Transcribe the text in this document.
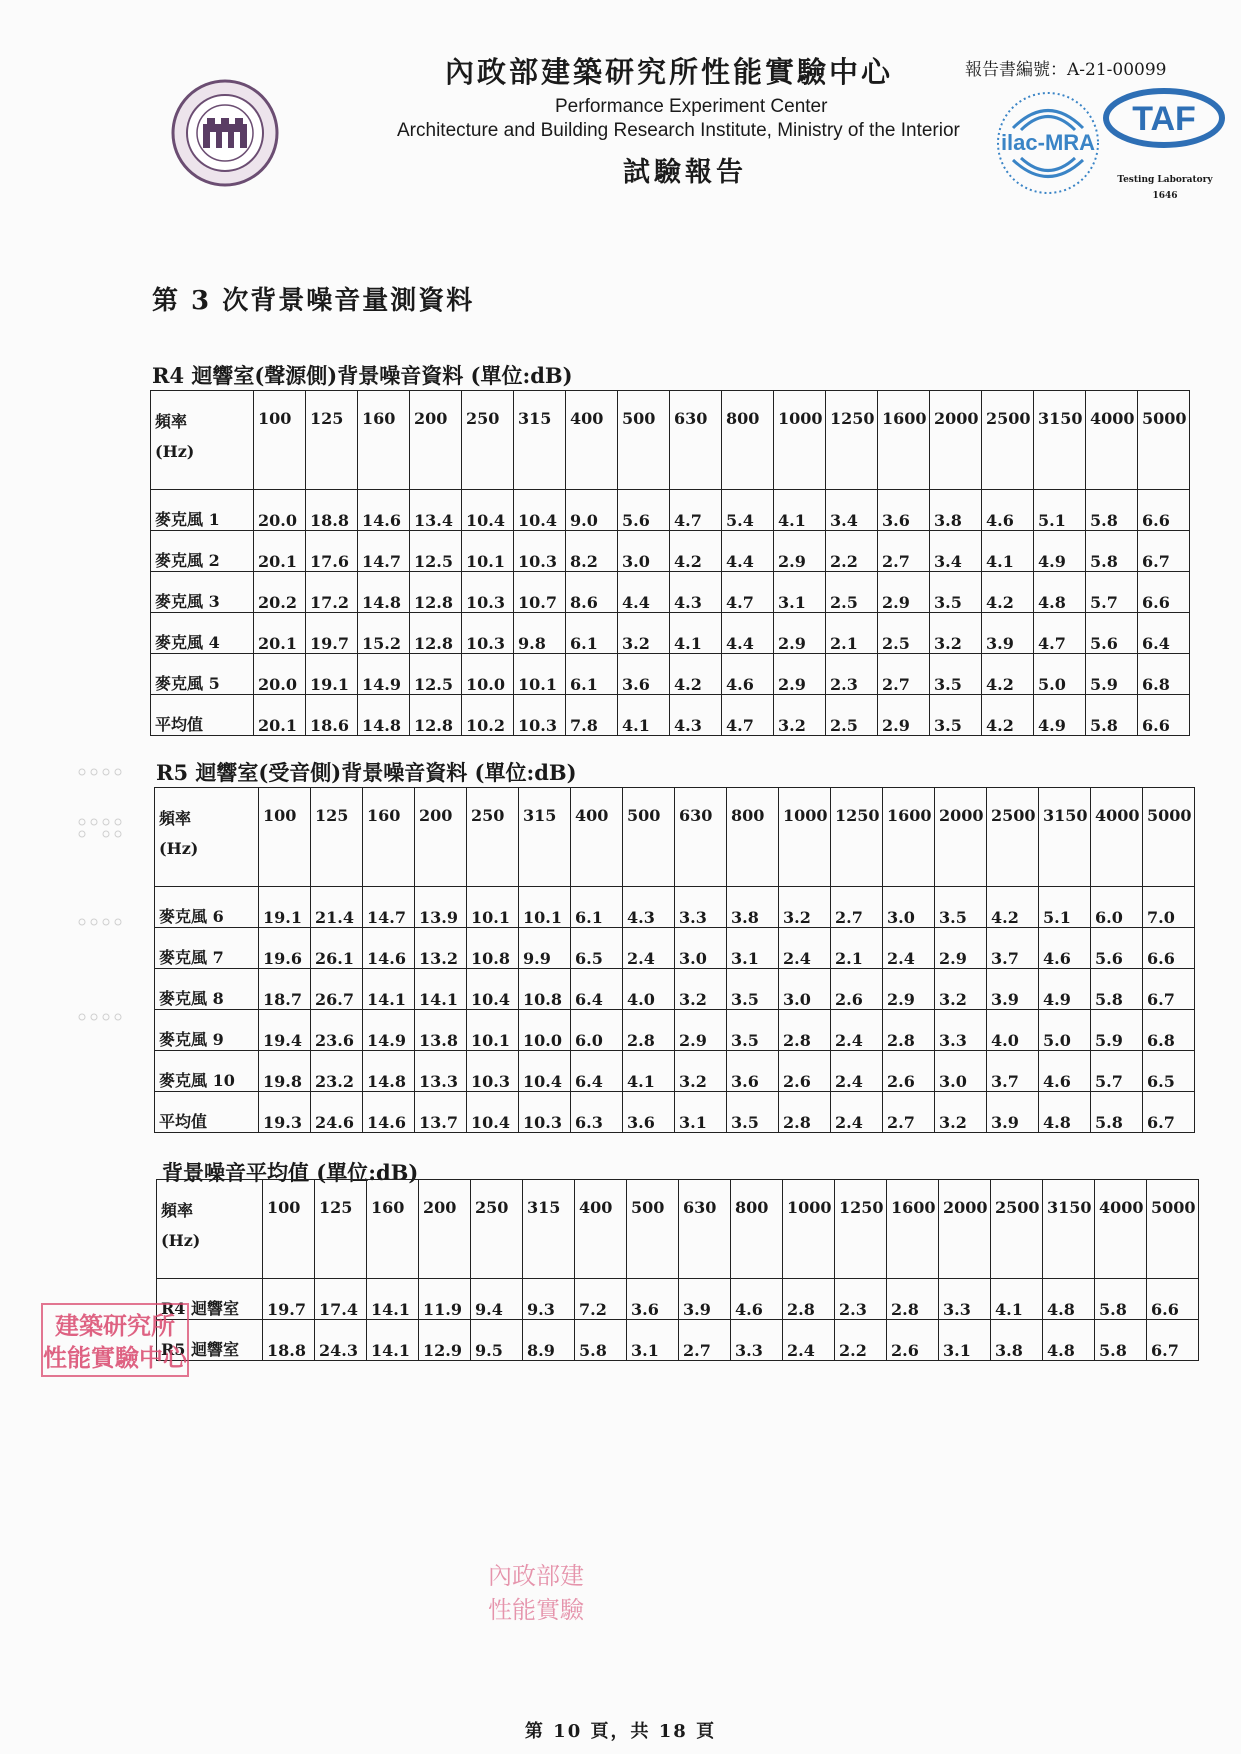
內政部建築研究所性能實驗中心
Performance Experiment Center
Architecture and Building Research Institute, Ministry of the Interior
試驗報告
報告書編號：A-21-00099
ilac-MRA
TAF
Testing Laboratory
1646
第 3 次背景噪音量測資料
R4 迴響室(聲源側)背景噪音資料 (單位:dB)
頻率
(Hz)	100	125	160	200	250	315	400	500	630	800	1000	1250	1600	2000	2500	3150	4000	5000
麥克風 1	20.0	18.8	14.6	13.4	10.4	10.4	9.0	5.6	4.7	5.4	4.1	3.4	3.6	3.8	4.6	5.1	5.8	6.6
麥克風 2	20.1	17.6	14.7	12.5	10.1	10.3	8.2	3.0	4.2	4.4	2.9	2.2	2.7	3.4	4.1	4.9	5.8	6.7
麥克風 3	20.2	17.2	14.8	12.8	10.3	10.7	8.6	4.4	4.3	4.7	3.1	2.5	2.9	3.5	4.2	4.8	5.7	6.6
麥克風 4	20.1	19.7	15.2	12.8	10.3	9.8	6.1	3.2	4.1	4.4	2.9	2.1	2.5	3.2	3.9	4.7	5.6	6.4
麥克風 5	20.0	19.1	14.9	12.5	10.0	10.1	6.1	3.6	4.2	4.6	2.9	2.3	2.7	3.5	4.2	5.0	5.9	6.8
平均值	20.1	18.6	14.8	12.8	10.2	10.3	7.8	4.1	4.3	4.7	3.2	2.5	2.9	3.5	4.2	4.9	5.8	6.6
R5 迴響室(受音側)背景噪音資料 (單位:dB)
頻率
(Hz)	100	125	160	200	250	315	400	500	630	800	1000	1250	1600	2000	2500	3150	4000	5000
麥克風 6	19.1	21.4	14.7	13.9	10.1	10.1	6.1	4.3	3.3	3.8	3.2	2.7	3.0	3.5	4.2	5.1	6.0	7.0
麥克風 7	19.6	26.1	14.6	13.2	10.8	9.9	6.5	2.4	3.0	3.1	2.4	2.1	2.4	2.9	3.7	4.6	5.6	6.6
麥克風 8	18.7	26.7	14.1	14.1	10.4	10.8	6.4	4.0	3.2	3.5	3.0	2.6	2.9	3.2	3.9	4.9	5.8	6.7
麥克風 9	19.4	23.6	14.9	13.8	10.1	10.0	6.0	2.8	2.9	3.5	2.8	2.4	2.8	3.3	4.0	5.0	5.9	6.8
麥克風 10	19.8	23.2	14.8	13.3	10.3	10.4	6.4	4.1	3.2	3.6	2.6	2.4	2.6	3.0	3.7	4.6	5.7	6.5
平均值	19.3	24.6	14.6	13.7	10.4	10.3	6.3	3.6	3.1	3.5	2.8	2.4	2.7	3.2	3.9	4.8	5.8	6.7
背景噪音平均值 (單位:dB)
頻率
(Hz)	100	125	160	200	250	315	400	500	630	800	1000	1250	1600	2000	2500	3150	4000	5000
R4 迴響室	19.7	17.4	14.1	11.9	9.4	9.3	7.2	3.6	3.9	4.6	2.8	2.3	2.8	3.3	4.1	4.8	5.8	6.6
R5 迴響室	18.8	24.3	14.1	12.9	9.5	8.9	5.8	3.1	2.7	3.3	2.4	2.2	2.6	3.1	3.8	4.8	5.8	6.7
建築研究所
性能實驗中心
內政部建
性能實驗
第 10 頁，共 18 頁
